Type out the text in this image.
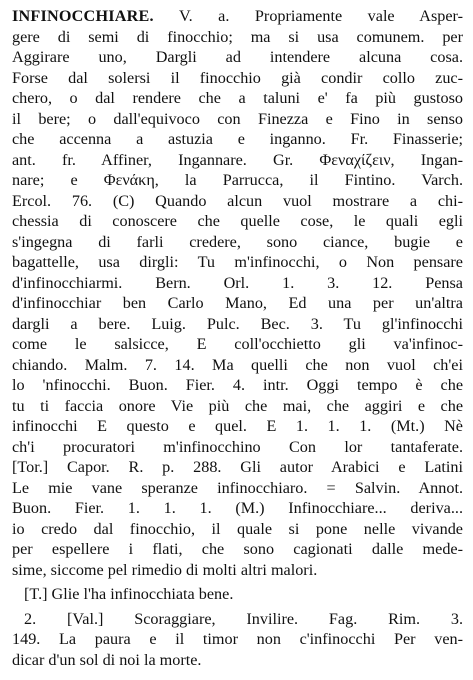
INFINOCCHIARE. V. a. Propriamente vale Asper-
gere di semi di finocchio; ma si usa comunem. per
Aggirare uno, Dargli ad intendere alcuna cosa.
Forse dal solersi il finocchio già condir collo zuc-
chero, o dal rendere che a taluni e' fa più gustoso
il bere; o dall'equivoco con Finezza e Fino in senso
che accenna a astuzia e inganno. Fr. Finasserie;
ant. fr. Affiner, Ingannare. Gr. Φεναχίζειν, Ingan-
nare; e Φενάκη, la Parrucca, il Fintino. Varch.
Ercol. 76. (C) Quando alcun vuol mostrare a chi-
chessia di conoscere che quelle cose, le quali egli
s'ingegna di farli credere, sono ciance, bugie e
bagattelle, usa dirgli: Tu m'infinocchi, o Non pensare
d'infinocchiarmi. Bern. Orl. 1. 3. 12. Pensa
d'infinocchiar ben Carlo Mano, Ed una per un'altra
dargli a bere. Luig. Pulc. Bec. 3. Tu gl'infinocchi
come le salsicce, E coll'occhietto gli va'infinoc-
chiando. Malm. 7. 14. Ma quelli che non vuol ch'ei
lo 'nfinocchi. Buon. Fier. 4. intr. Oggi tempo è che
tu ti faccia onore Vie più che mai, che aggiri e che
infinocchi E questo e quel. E 1. 1. 1. (Mt.) Nè
ch'i procuratori m'infinocchino Con lor tantaferate.
[Tor.] Capor. R. p. 288. Gli autor Arabici e Latini
Le mie vane speranze infinocchiaro. = Salvin. Annot.
Buon. Fier. 1. 1. 1. (M.) Infinocchiare... deriva...
io credo dal finocchio, il quale si pone nelle vivande
per espellere i flati, che sono cagionati dalle mede-
sime, siccome pel rimedio di molti altri malori.
[T.] Glie l'ha infinocchiata bene.
2. [Val.] Scoraggiare, Invilire. Fag. Rim. 3.
149. La paura e il timor non c'infinocchi Per ven-
dicar d'un sol di noi la morte.
